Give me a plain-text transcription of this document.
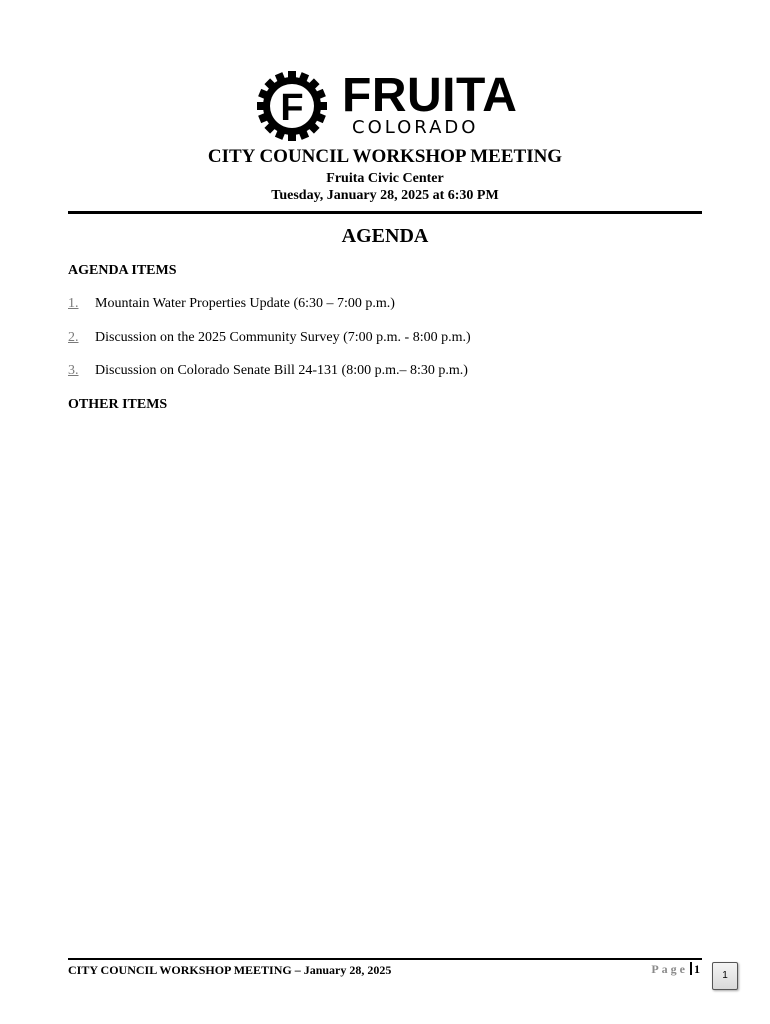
F FRUITA
COLORADO
CITY COUNCIL WORKSHOP MEETING
Fruita Civic Center
Tuesday, January 28, 2025 at 6:30 PM
AGENDA
AGENDA ITEMS
1. Mountain Water Properties Update (6:30 – 7:00 p.m.)
2. Discussion on the 2025 Community Survey (7:00 p.m. - 8:00 p.m.)
3. Discussion on Colorado Senate Bill 24-131 (8:00 p.m.– 8:30 p.m.)
OTHER ITEMS
CITY COUNCIL WORKSHOP MEETING – January 28, 2025	Page 1	1
